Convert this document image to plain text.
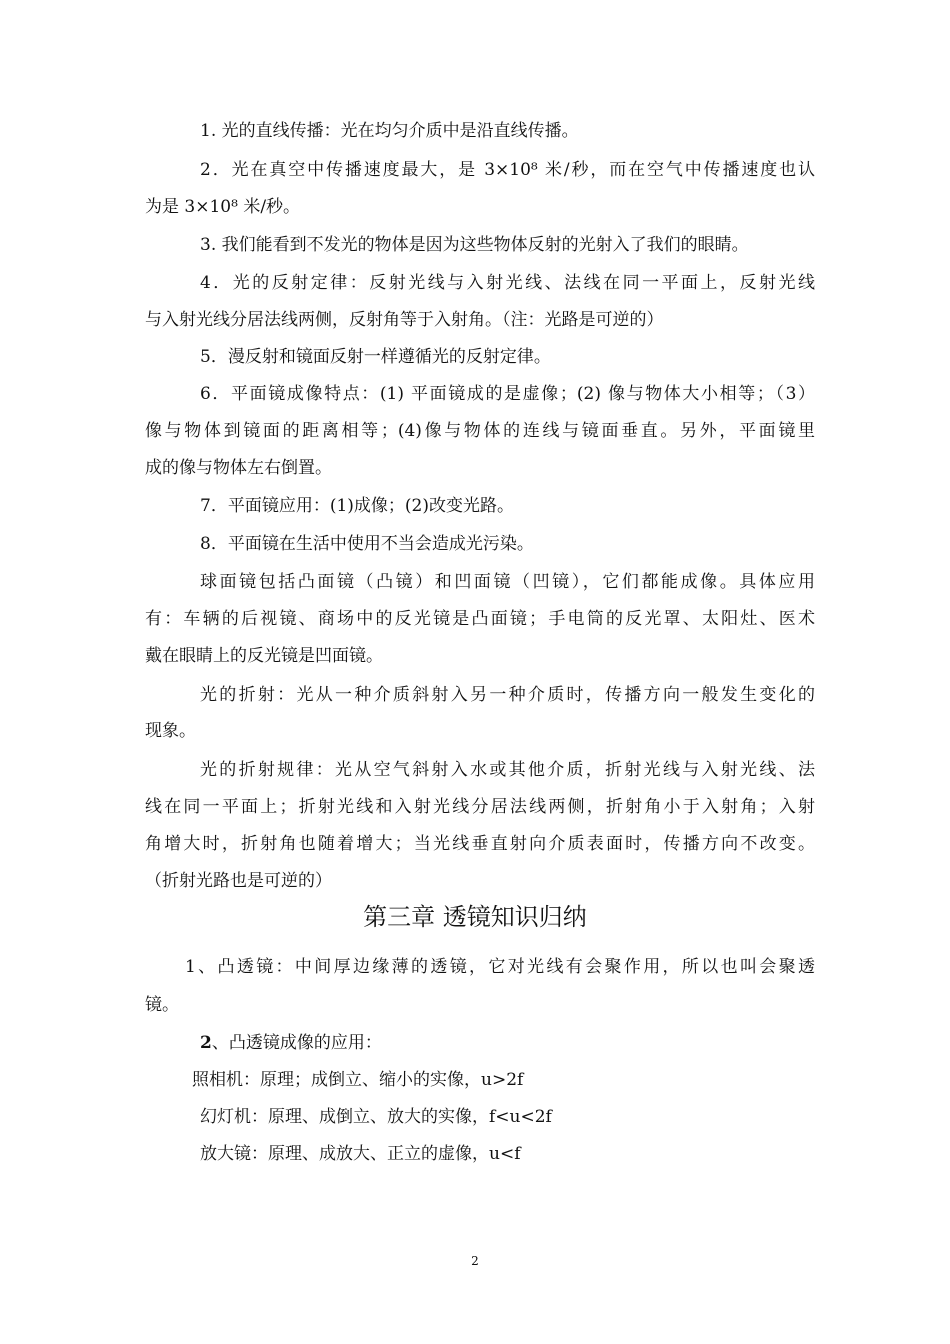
1. 光的直线传播：光在均匀介质中是沿直线传播。
2．光在真空中传播速度最大，是 3×10⁸ 米/秒，而在空气中传播速度也认
为是 3×10⁸ 米/秒。
3. 我们能看到不发光的物体是因为这些物体反射的光射入了我们的眼睛。
4．光的反射定律：反射光线与入射光线、法线在同一平面上，反射光线
与入射光线分居法线两侧，反射角等于入射角。（注：光路是可逆的）
5．漫反射和镜面反射一样遵循光的反射定律。
6．平面镜成像特点：(1) 平面镜成的是虚像；(2) 像与物体大小相等；（3）
像与物体到镜面的距离相等；(4)像与物体的连线与镜面垂直。另外，平面镜里
成的像与物体左右倒置。
7．平面镜应用：(1)成像；(2)改变光路。
8．平面镜在生活中使用不当会造成光污染。
球面镜包括凸面镜（凸镜）和凹面镜（凹镜），它们都能成像。具体应用
有：车辆的后视镜、商场中的反光镜是凸面镜；手电筒的反光罩、太阳灶、医术
戴在眼睛上的反光镜是凹面镜。
光的折射：光从一种介质斜射入另一种介质时，传播方向一般发生变化的
现象。
光的折射规律：光从空气斜射入水或其他介质，折射光线与入射光线、法
线在同一平面上；折射光线和入射光线分居法线两侧，折射角小于入射角；入射
角增大时，折射角也随着增大；当光线垂直射向介质表面时，传播方向不改变。
（折射光路也是可逆的）
第三章 透镜知识归纳
1、凸透镜：中间厚边缘薄的透镜，它对光线有会聚作用，所以也叫会聚透
镜。
2、凸透镜成像的应用：
照相机：原理；成倒立、缩小的实像，u>2f
幻灯机：原理、成倒立、放大的实像，f<u<2f
放大镜：原理、成放大、正立的虚像，u<f
2
